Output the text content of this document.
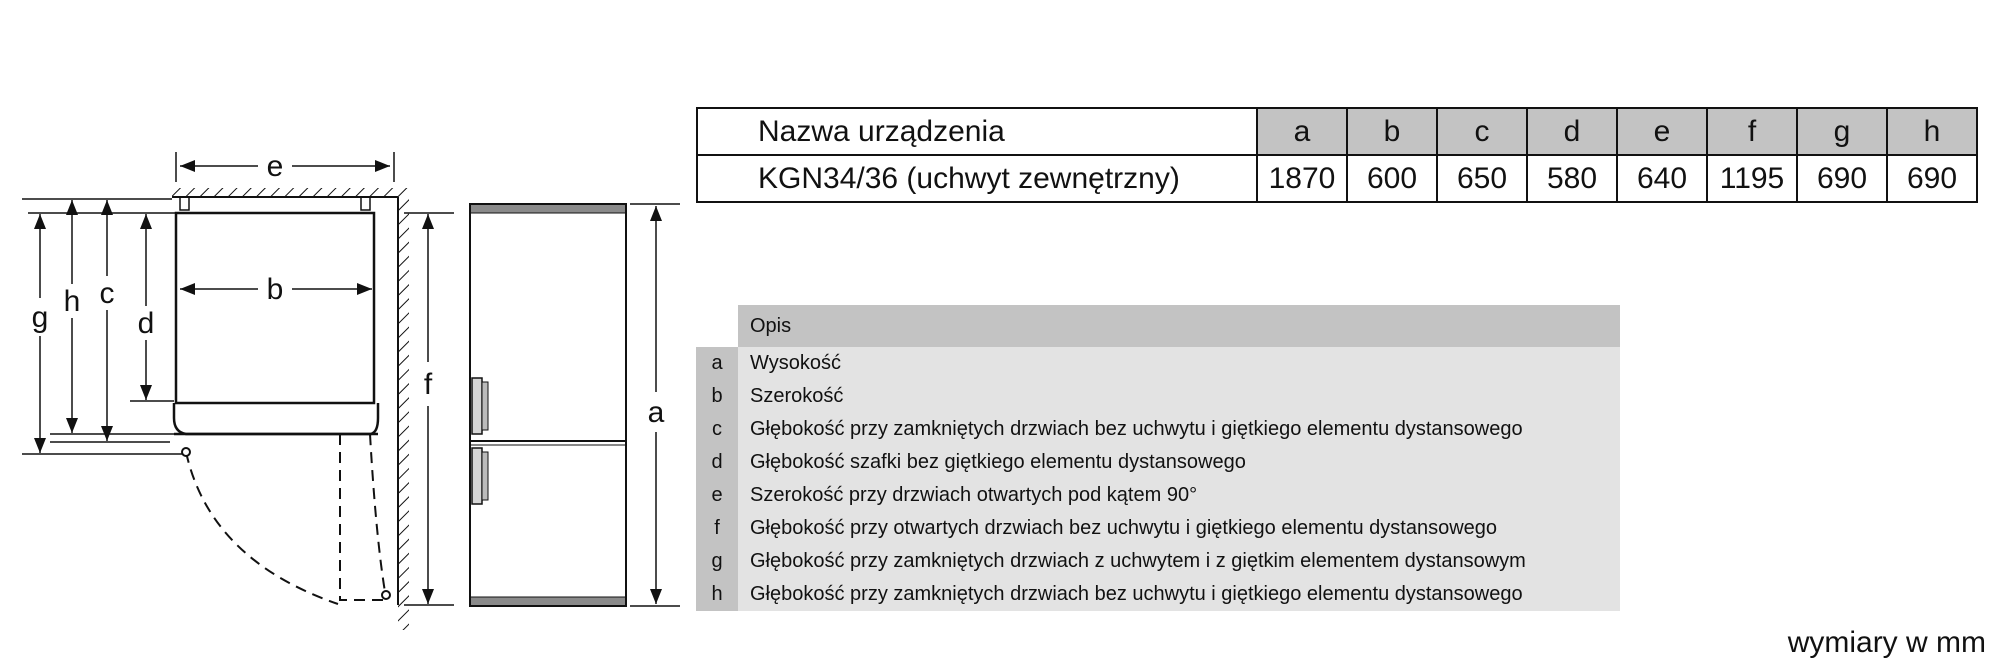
e
b
g h c
d
f
a
Nazwa urządzenia	a	b	c	d	e	f	g	h
KGN34/36 (uchwyt zewnętrzny)	1870	600	650	580	640	1195	690	690
Opis
a	Wysokość
b	Szerokość
c	Głębokość przy zamkniętych drzwiach bez uchwytu i giętkiego elementu dystansowego
d	Głębokość szafki bez giętkiego elementu dystansowego
e	Szerokość przy drzwiach otwartych pod kątem 90°
f	Głębokość przy otwartych drzwiach bez uchwytu i giętkiego elementu dystansowego
g	Głębokość przy zamkniętych drzwiach z uchwytem i z giętkim elementem dystansowym
h	Głębokość przy zamkniętych drzwiach bez uchwytu i giętkiego elementu dystansowego
wymiary w mm
